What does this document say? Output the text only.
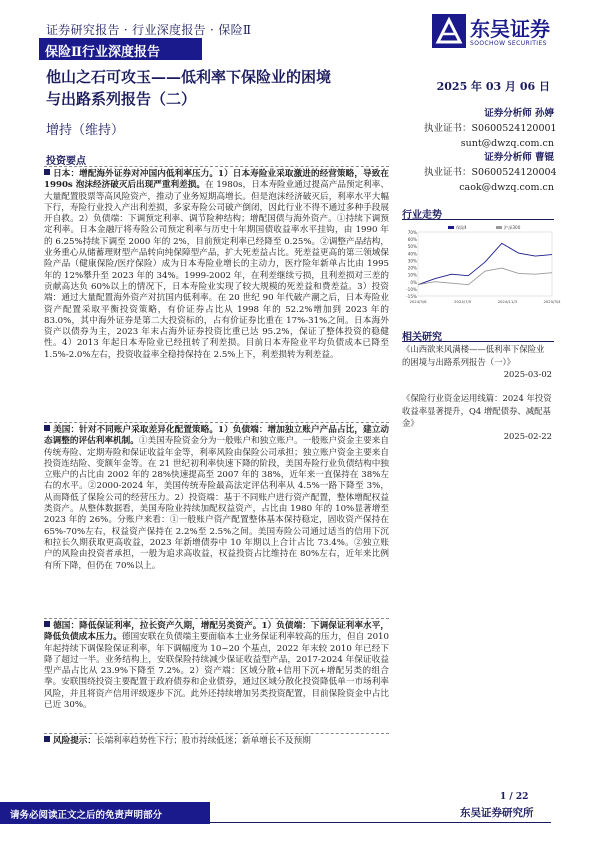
证券研究报告 · 行业深度报告 · 保险Ⅱ	东吴证券
SOOCHOW SECURITIES
保险Ⅱ行业深度报告
他山之石可攻玉——低利率下保险业的困境
与出路系列报告（二）
增持（维持）
2025 年 03 月 06 日
证券分析师 孙婷
执业证书：S0600524120001
sunt@dwzq.com.cn
证券分析师 曹锟
执业证书：S0600524120004
caok@dwzq.com.cn
投资要点
日本：增配海外证券对冲国内低利率压力。1）日本寿险业采取激进的经营策略，导致在 1990s 泡沫经济破灭后出现严重利差损。在 1980s，日本寿险业通过提高产品预定利率、大量配置股票等高风险资产，推动了业务短期高增长。但是泡沫经济破灭后，利率水平大幅下行，寿险行业投入产出利差损，多家寿险公司破产倒闭，因此行业不得不通过多种手段展开自救。2）负债端：下调预定利率、调节险种结构；增配国债与海外资产。①持续下调预定利率。日本金融厅将寿险公司预定利率与历史十年期国债收益率水平挂钩，由 1990 年的 6.25%持续下调至 2000 年的 2%，目前预定利率已经降至 0.25%。②调整产品结构，业务重心从储蓄理财型产品转向纯保障型产品，扩大死差益占比。死差益更高的第三领域保险产品（健康保险/医疗保险）成为日本寿险业增长的主动力，医疗险年新单占比由 1995 年的 12%攀升至 2023 年的 34%。1999-2002 年，在利差继续亏损，且利差损对三差的贡献高达负 60%以上的情况下，日本寿险业实现了较大规模的死差益和费差益。3）投资端：通过大量配置海外资产对抗国内低利率。在 20 世纪 90 年代破产潮之后，日本寿险业资产配置采取平衡投资策略，有价证券占比从 1998 年的 52.2%增加到 2023 年的 83.0%，其中海外证券是第二大投资标的，占有价证券比重在 17%-31%之间。日本海外资产以债券为主，2023 年末占海外证券投资比重已达 95.2%，保证了整体投资的稳健性。4）2013 年起日本寿险业已经扭转了利差损。目前日本寿险业平均负债成本已降至 1.5%-2.0%左右，投资收益率全稳持保持在 2.5%上下，利差损转为利差益。
美国：针对不同账户采取差异化配置策略。1）负债端：增加独立账户产品占比，建立动态调整的评估利率机制。①美国寿险资金分为一般账户和独立账户。一般账户资金主要来自传统寿险、定期寿险和保证收益年金等，利率风险由保险公司承担；独立账户资金主要来自投资连结险、变额年金等。在 21 世纪初利率快速下降的阶段，美国寿险行业负债结构中独立账户的占比由 2002 年的 28%快速提高至 2007 年的 38%，近年来一直保持在 38%左右的水平。②2000-2024 年，美国传统寿险最高法定评估利率从 4.5%一路下降至 3%，从而降低了保险公司的经营压力。2）投资端：基于不同账户进行资产配置，整体增配权益类资产。从整体数据看，美国寿险业持续加配权益资产，占比由 1980 年的 10%显著增至 2023 年的 26%。分账户来看：①一般账户资产配置整体基本保持稳定，固收资产保持在 65%-70%左右，权益资产保持在 2.2%至 2.5%之间。美国寿险公司通过适当的信用下沉和拉长久期获取更高收益，2023 年新增债券中 10 年期以上合计占比 73.4%。②独立账户的风险由投资者承担，一般为追求高收益，权益投资占比维持在 80%左右，近年来比例有所下降，但仍在 70%以上。
德国：降低保证利率，拉长资产久期，增配另类资产。1）负债端：下调保证利率水平，降低负债成本压力。德国安联在负债端主要面临本土业务保证利率较高的压力，但自 2010 年起持续下调保险保证利率，年下调幅度为 10~20 个基点，2022 年末较 2010 年已经下降了超过一半。业务结构上，安联保险持续减少保证收益型产品，2017-2024 年保证收益型产品占比从 23.9%下降至 7.2%。2）资产端：区域分散+信用下沉+增配另类的组合拳。安联围绕投资主要配置于政府债券和企业债券，通过区域分散化投资降低单一市场利率风险，并且将资产信用评级逐步下沉。此外还持续增加另类投资配置，目前保险资金中占比已近 30%。
风险提示：长端利率趋势性下行；股市持续低迷；新单增长不及预期
行业走势
70%
60%
50%
40%
30%
20%
10%
0%
-10%
-15%
2024/3/6	2024/7/5	2024/11/3	2025/3/4
保险Ⅱ	沪深300
相关研究
《山西欲来风满楼——低利率下保险业的困境与出路系列报告（一）》
2025-03-02
《保险行业资金运用线篇：2024 年投资收益率显著提升，Q4 增配债券、减配基金》
2025-02-22
1 / 22
请务必阅读正文之后的免责声明部分	东吴证券研究所
